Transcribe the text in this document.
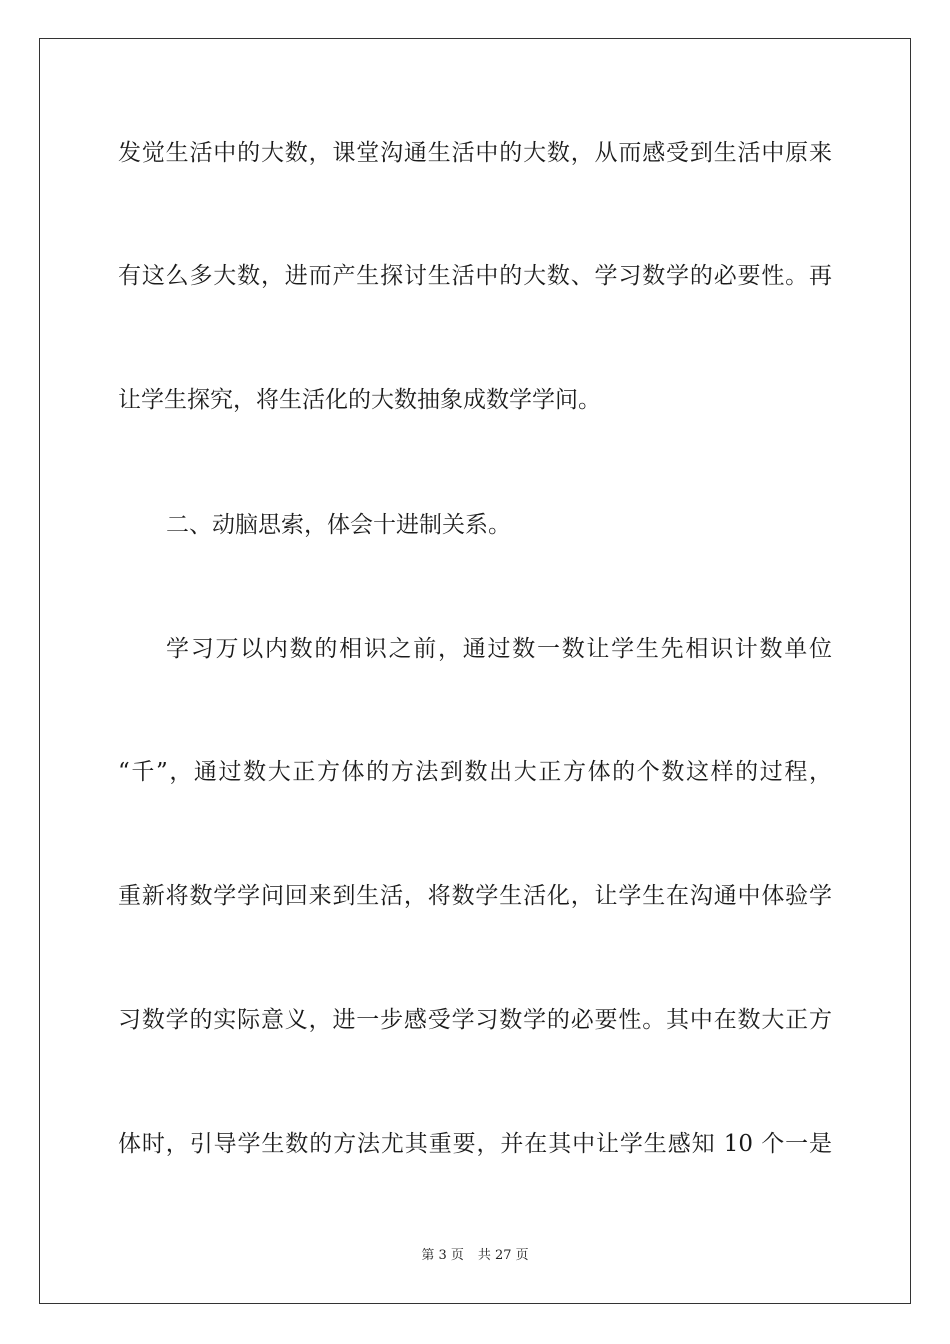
发觉生活中的大数，课堂沟通生活中的大数，从而感受到生活中原来
有这么多大数，进而产生探讨生活中的大数、学习数学的必要性。再
让学生探究，将生活化的大数抽象成数学学问。
二、动脑思索，体会十进制关系。
学习万以内数的相识之前，通过数一数让学生先相识计数单位
“千”，通过数大正方体的方法到数出大正方体的个数这样的过程，
重新将数学学问回来到生活，将数学生活化，让学生在沟通中体验学
习数学的实际意义，进一步感受学习数学的必要性。其中在数大正方
体时，引导学生数的方法尤其重要，并在其中让学生感知 10 个一是
第 3 页 共 27 页
